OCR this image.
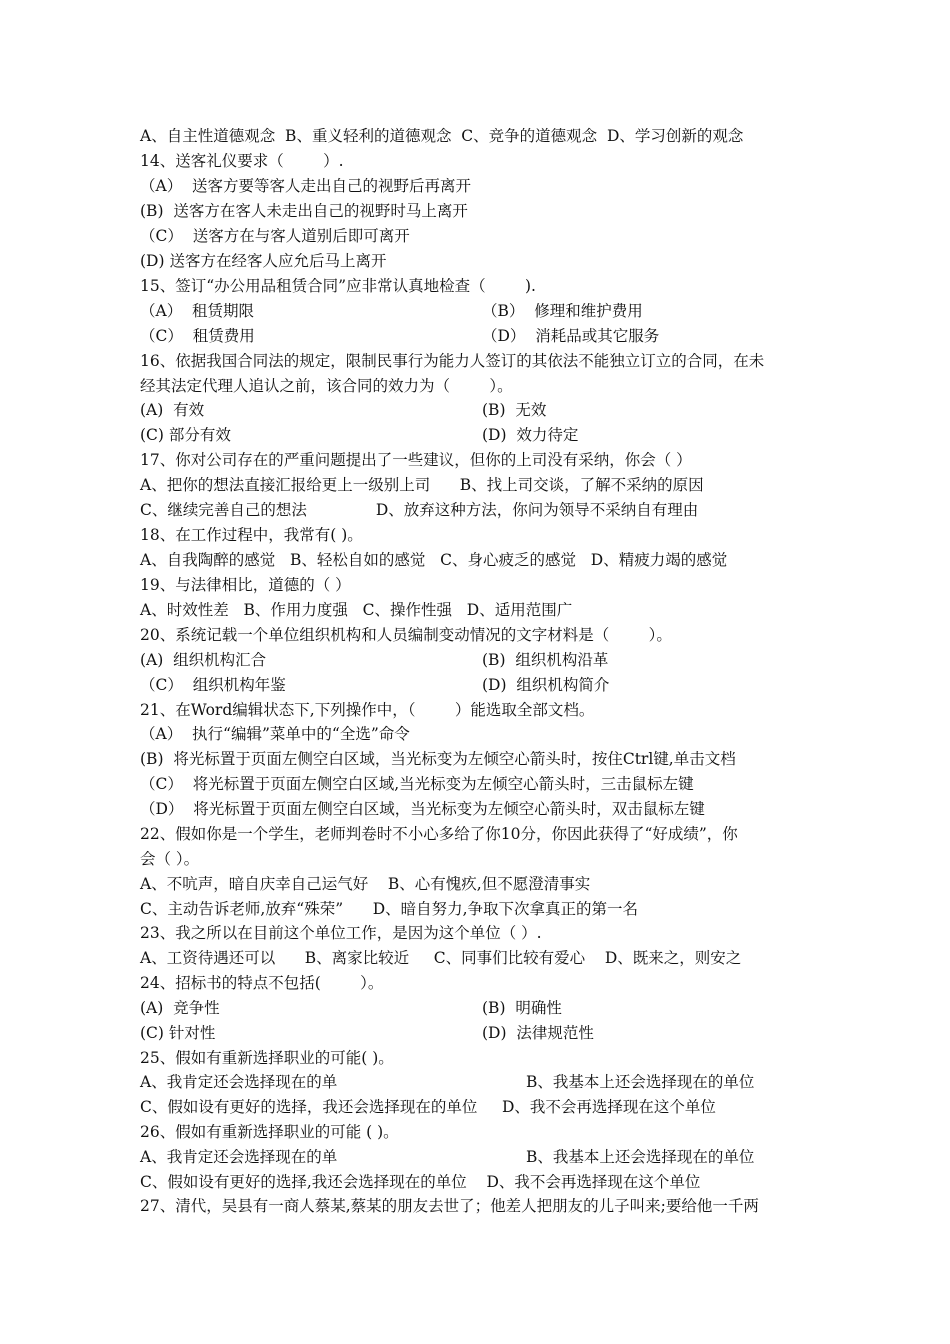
A、自主性道德观念  B、重义轻利的道德观念  C、竞争的道德观念  D、学习创新的观念
14、送客礼仪要求（        ）.
（A）  送客方要等客人走出自己的视野后再离开
(B)  送客方在客人未走出自己的视野时马上离开
（C）  送客方在与客人道别后即可离开
(D) 送客方在经客人应允后马上离开
15、签订“办公用品租赁合同”应非常认真地检查（        ).
（A）  租赁期限	（B）  修理和维护费用
（C）  租赁费用	（D）  消耗品或其它服务
16、依据我国合同法的规定，限制民事行为能力人签订的其依法不能独立订立的合同，在未
经其法定代理人追认之前，该合同的效力为（        ）。
(A)  有效	(B)  无效
(C) 部分有效	(D)  效力待定
17、你对公司存在的严重问题提出了一些建议，但你的上司没有采纳，你会（ ）
A、把你的想法直接汇报给更上一级别上司      B、找上司交谈，了解不采纳的原因
C、继续完善自己的想法              D、放弃这种方法，你问为领导不采纳自有理由
18、在工作过程中，我常有( )。
A、自我陶醉的感觉   B、轻松自如的感觉   C、身心疲乏的感觉   D、精疲力竭的感觉
19、与法律相比，道德的（ ）
A、时效性差   B、作用力度强   C、操作性强   D、适用范围广
20、系统记载一个单位组织机构和人员编制变动情况的文字材料是（        ）。
(A)  组织机构汇合	(B)  组织机构沿革
（C）  组织机构年鉴	(D)  组织机构简介
21、在Word编辑状态下,下列操作中，（        ）能选取全部文档。
（A）  执行“编辑”菜单中的“全选”命令
(B)  将光标置于页面左侧空白区域，当光标变为左倾空心箭头时，按住Ctrl键,单击文档
（C）  将光标置于页面左侧空白区域,当光标变为左倾空心箭头时，三击鼠标左键
（D）  将光标置于页面左侧空白区域，当光标变为左倾空心箭头时，双击鼠标左键
22、假如你是一个学生，老师判卷时不小心多给了你10分，你因此获得了“好成绩”，你
会（ ）。
A、不吭声，暗自庆幸自己运气好    B、心有愧疚,但不愿澄清事实
C、主动告诉老师,放弃“殊荣”      D、暗自努力,争取下次拿真正的第一名
23、我之所以在目前这个单位工作，是因为这个单位（ ）.
A、工资待遇还可以      B、离家比较近     C、同事们比较有爱心    D、既来之，则安之
24、招标书的特点不包括(        ）。
(A)  竞争性	(B)  明确性
(C) 针对性	(D)  法律规范性
25、假如有重新选择职业的可能( )。
A、我肯定还会选择现在的单	B、我基本上还会选择现在的单位
C、假如设有更好的选择，我还会选择现在的单位     D、我不会再选择现在这个单位
26、假如有重新选择职业的可能 ( )。
A、我肯定还会选择现在的单	B、我基本上还会选择现在的单位
C、假如设有更好的选择,我还会选择现在的单位    D、我不会再选择现在这个单位
27、清代，吴县有一商人蔡某,蔡某的朋友去世了；他差人把朋友的儿子叫来;要给他一千两
